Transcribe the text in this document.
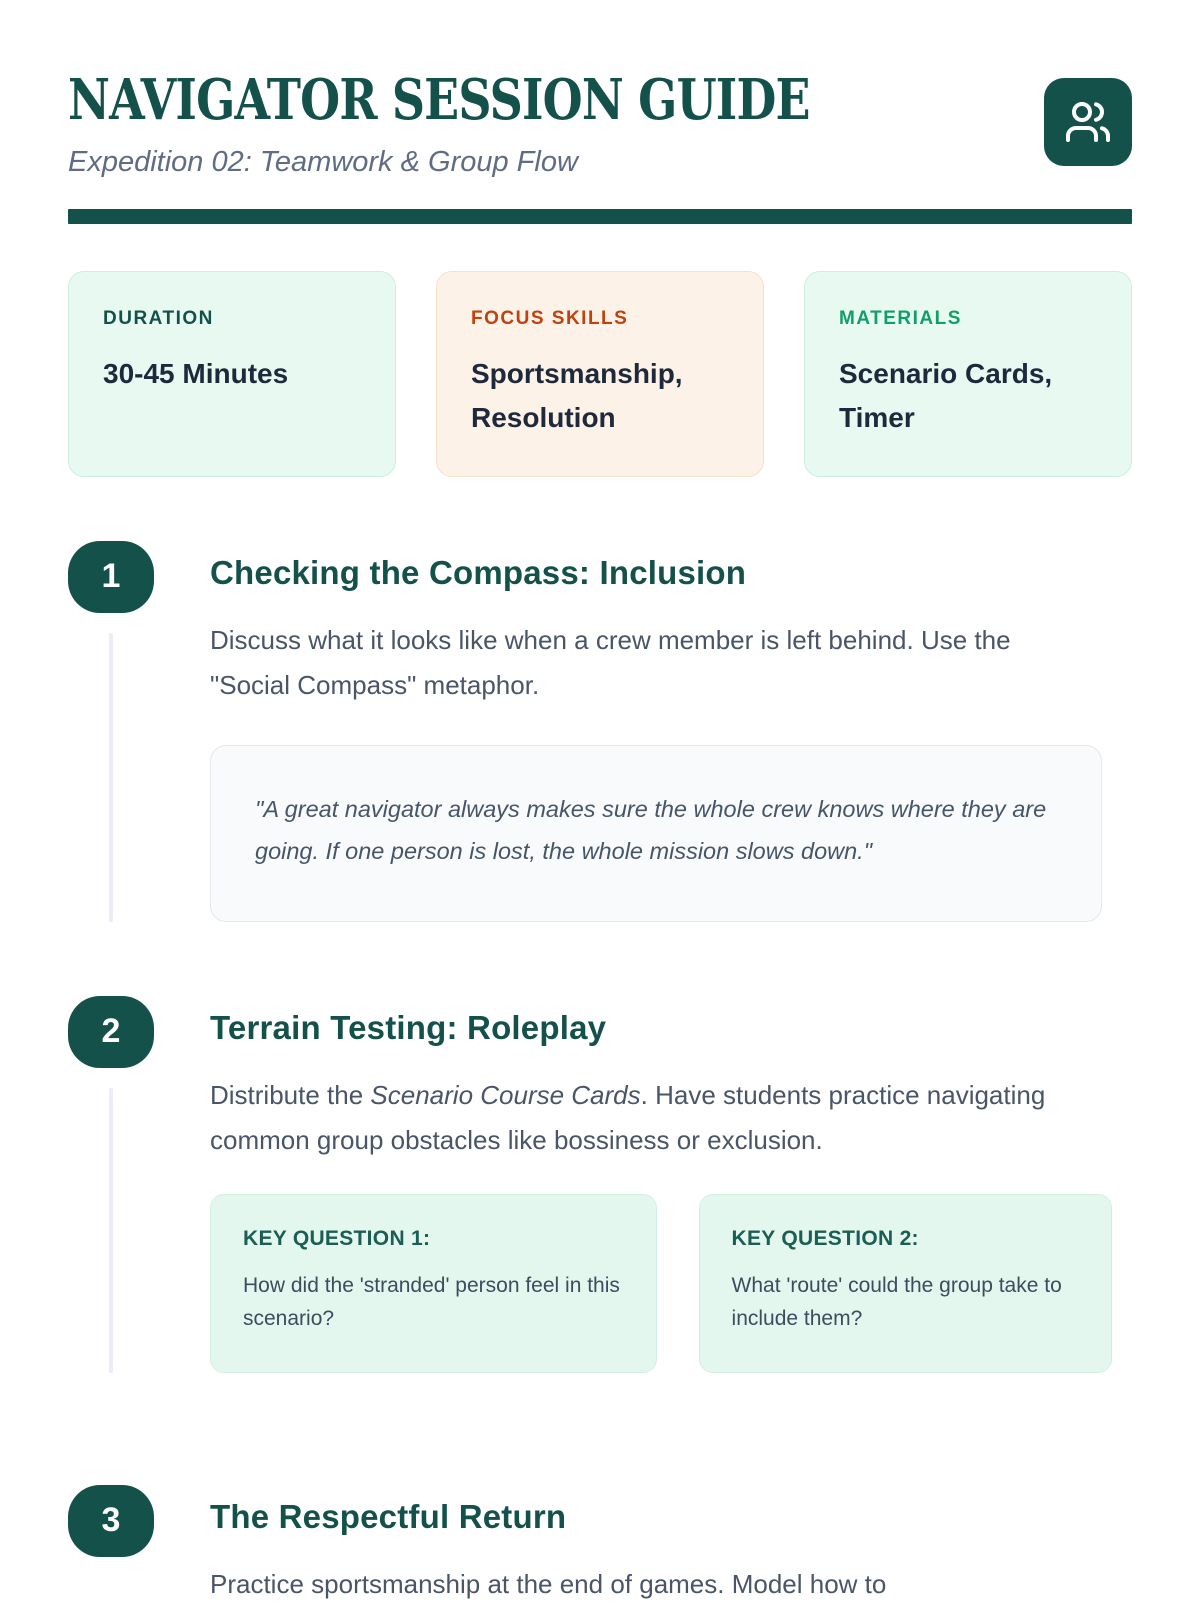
NAVIGATOR SESSION GUIDE
Expedition 02: Teamwork & Group Flow
DURATION
30-45 Minutes
FOCUS SKILLS
Sportsmanship, Resolution
MATERIALS
Scenario Cards, Timer
1	Checking the Compass: Inclusion

Discuss what it looks like when a crew member is left behind. Use the "Social Compass" metaphor.

"A great navigator always makes sure the whole crew knows where they are going. If one person is lost, the whole mission slows down."
2	Terrain Testing: Roleplay

Distribute the Scenario Course Cards. Have students practice navigating common group obstacles like bossiness or exclusion.

KEY QUESTION 1:
How did the 'stranded' person feel in this scenario?
KEY QUESTION 2:
What 'route' could the group take to include them?
3	The Respectful Return

Practice sportsmanship at the end of games. Model how to
